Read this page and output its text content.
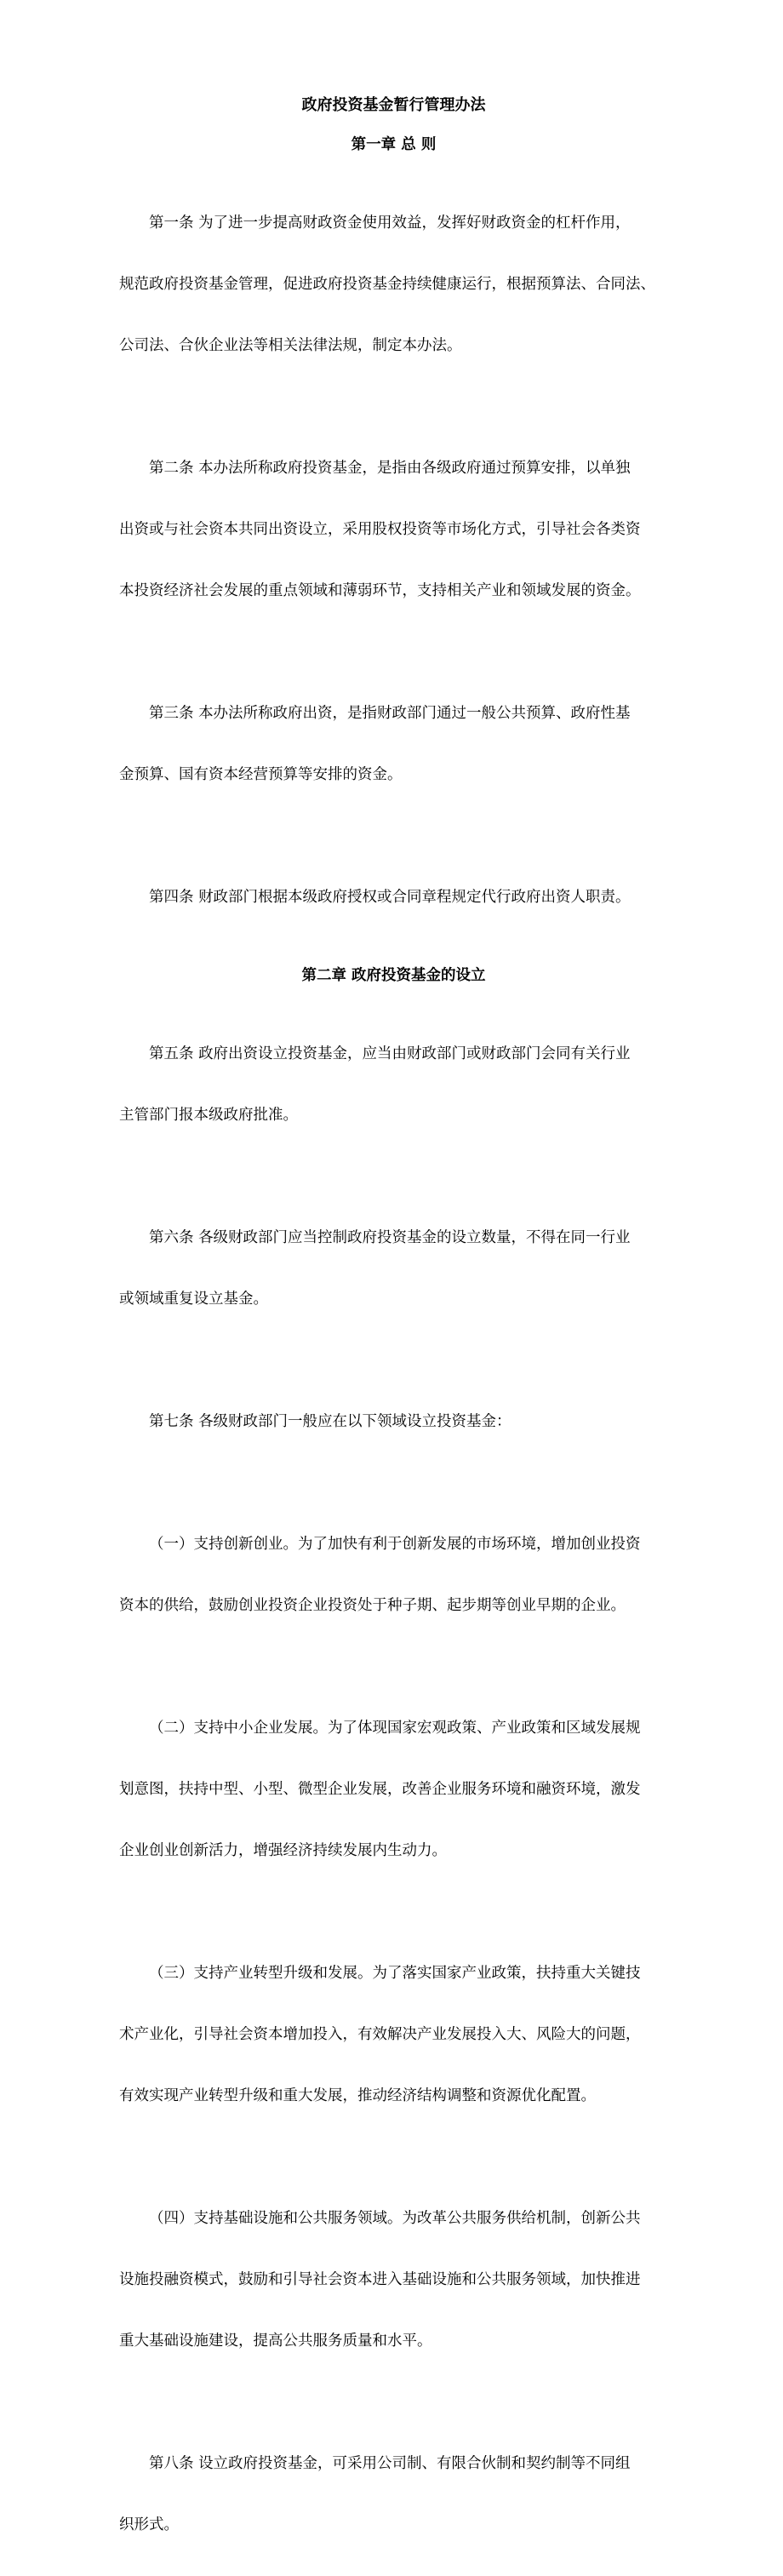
政府投资基金暂行管理办法
第一章 总 则

第一条 为了进一步提高财政资金使用效益，发挥好财政资金的杠杆作用，

规范政府投资基金管理，促进政府投资基金持续健康运行，根据预算法、合同法、

公司法、合伙企业法等相关法律法规，制定本办法。

第二条 本办法所称政府投资基金，是指由各级政府通过预算安排，以单独

出资或与社会资本共同出资设立，采用股权投资等市场化方式，引导社会各类资

本投资经济社会发展的重点领域和薄弱环节，支持相关产业和领域发展的资金。

第三条 本办法所称政府出资，是指财政部门通过一般公共预算、政府性基

金预算、国有资本经营预算等安排的资金。

第四条 财政部门根据本级政府授权或合同章程规定代行政府出资人职责。

第二章 政府投资基金的设立

第五条 政府出资设立投资基金，应当由财政部门或财政部门会同有关行业

主管部门报本级政府批准。

第六条 各级财政部门应当控制政府投资基金的设立数量，不得在同一行业

或领域重复设立基金。

第七条 各级财政部门一般应在以下领域设立投资基金：

（一）支持创新创业。为了加快有利于创新发展的市场环境，增加创业投资

资本的供给，鼓励创业投资企业投资处于种子期、起步期等创业早期的企业。

（二）支持中小企业发展。为了体现国家宏观政策、产业政策和区域发展规

划意图，扶持中型、小型、微型企业发展，改善企业服务环境和融资环境，激发

企业创业创新活力，增强经济持续发展内生动力。

（三）支持产业转型升级和发展。为了落实国家产业政策，扶持重大关键技

术产业化，引导社会资本增加投入，有效解决产业发展投入大、风险大的问题，

有效实现产业转型升级和重大发展，推动经济结构调整和资源优化配置。

（四）支持基础设施和公共服务领域。为改革公共服务供给机制，创新公共

设施投融资模式，鼓励和引导社会资本进入基础设施和公共服务领域，加快推进

重大基础设施建设，提高公共服务质量和水平。

第八条 设立政府投资基金，可采用公司制、有限合伙制和契约制等不同组

织形式。
